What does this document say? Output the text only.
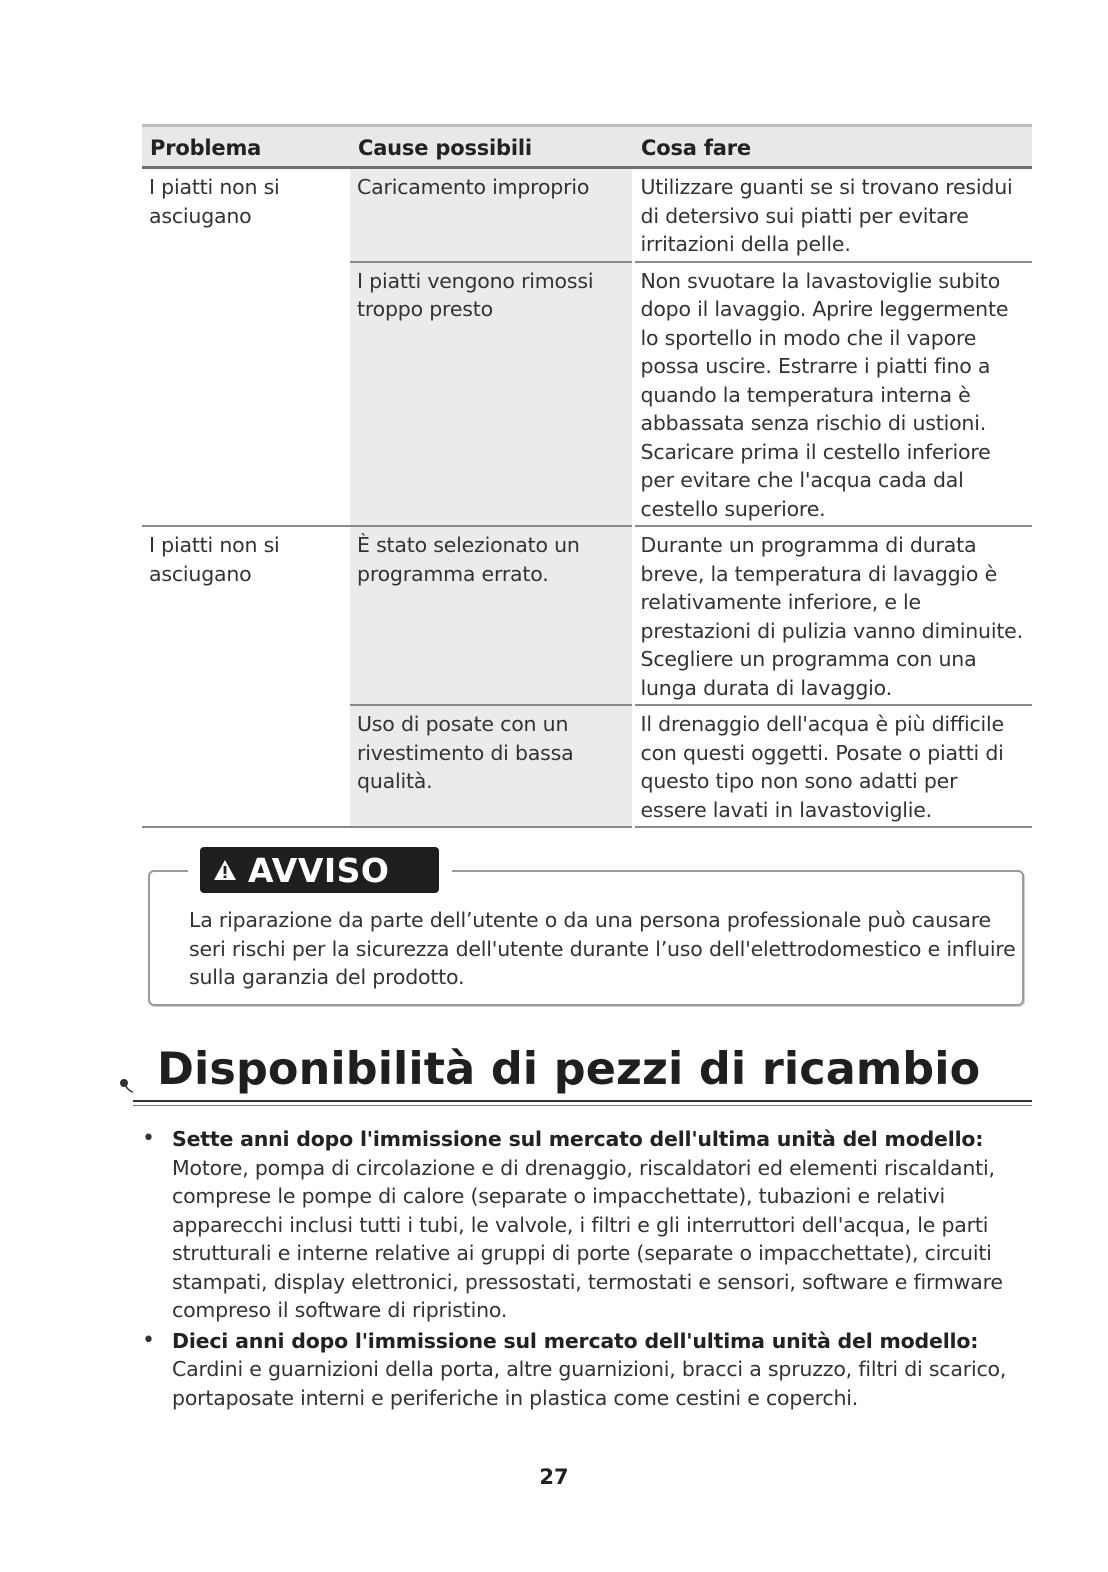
Problema	Cause possibili	Cosa fare
I piatti non si asciugano	Caricamento improprio	Utilizzare guanti se si trovano residui di detersivo sui piatti per evitare irritazioni della pelle.
	I piatti vengono rimossi troppo presto	Non svuotare la lavastoviglie subito dopo il lavaggio. Aprire leggermente lo sportello in modo che il vapore possa uscire. Estrarre i piatti fino a quando la temperatura interna è abbassata senza rischio di ustioni. Scaricare prima il cestello inferiore per evitare che l'acqua cada dal cestello superiore.
I piatti non si asciugano	È stato selezionato un programma errato.	Durante un programma di durata breve, la temperatura di lavaggio è relativamente inferiore, e le prestazioni di pulizia vanno diminuite. Scegliere un programma con una lunga durata di lavaggio.
	Uso di posate con un rivestimento di bassa qualità.	Il drenaggio dell'acqua è più difficile con questi oggetti. Posate o piatti di questo tipo non sono adatti per essere lavati in lavastoviglie.
AVVISO
La riparazione da parte dell’utente o da una persona professionale può causare seri rischi per la sicurezza dell'utente durante l’uso dell'elettrodomestico e influire sulla garanzia del prodotto.
Disponibilità di pezzi di ricambio
• Sette anni dopo l'immissione sul mercato dell'ultima unità del modello:
Motore, pompa di circolazione e di drenaggio, riscaldatori ed elementi riscaldanti, comprese le pompe di calore (separate o impacchettate), tubazioni e relativi apparecchi inclusi tutti i tubi, le valvole, i filtri e gli interruttori dell'acqua, le parti strutturali e interne relative ai gruppi di porte (separate o impacchettate), circuiti stampati, display elettronici, pressostati, termostati e sensori, software e firmware compreso il software di ripristino.
• Dieci anni dopo l'immissione sul mercato dell'ultima unità del modello:
Cardini e guarnizioni della porta, altre guarnizioni, bracci a spruzzo, filtri di scarico, portaposate interni e periferiche in plastica come cestini e coperchi.
27
